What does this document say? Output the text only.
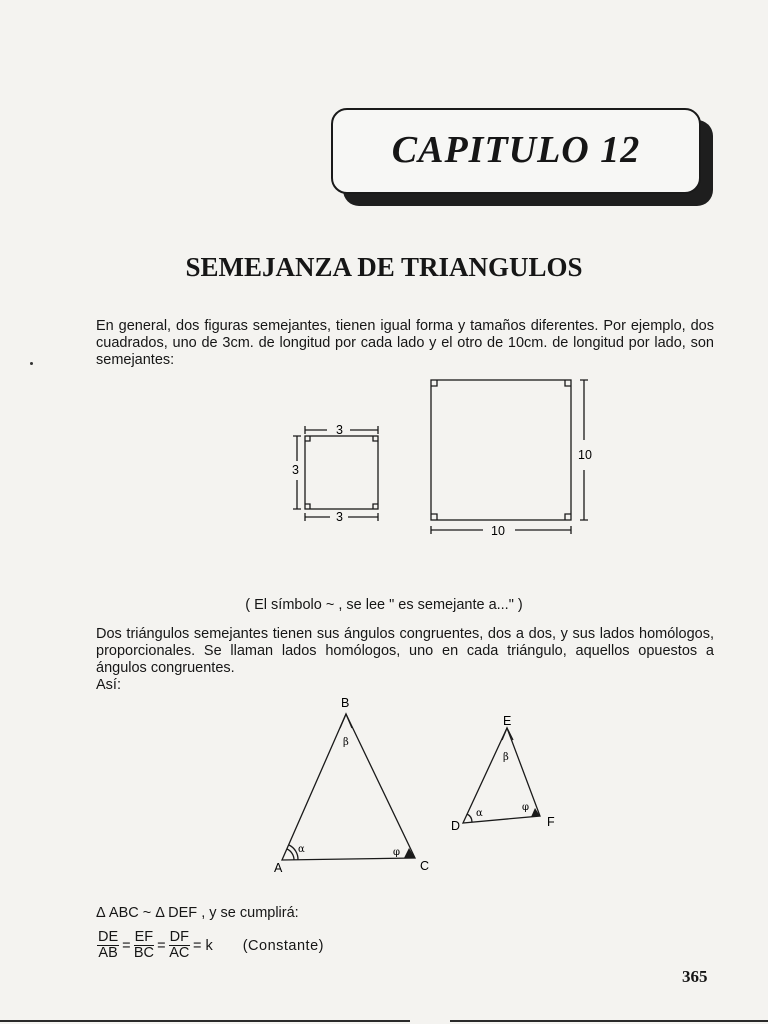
CAPITULO 12
SEMEJANZA DE TRIANGULOS
En general, dos figuras semejantes, tienen igual forma y tamaños diferentes. Por ejemplo, dos cuadrados, uno de 3cm. de longitud por cada lado y el otro de 10cm. de longitud por lado, son semejantes:
3
3
3
10
10
( El símbolo ~ , se lee " es semejante a..." )
Dos triángulos semejantes tienen sus ángulos congruentes, dos a dos, y sus lados homólogos, proporcionales. Se llaman lados homólogos, uno en cada triángulo, aquellos opuestos a ángulos congruentes.
Así:
B
A	C
β
α	φ
E
D	F
β
α
φ
Δ ABC ~ Δ DEF , y se cumplirá:
$\frac{DE}{AB} = \frac{EF}{BC} = \frac{DF}{AC} = k$ (Constante)
365
